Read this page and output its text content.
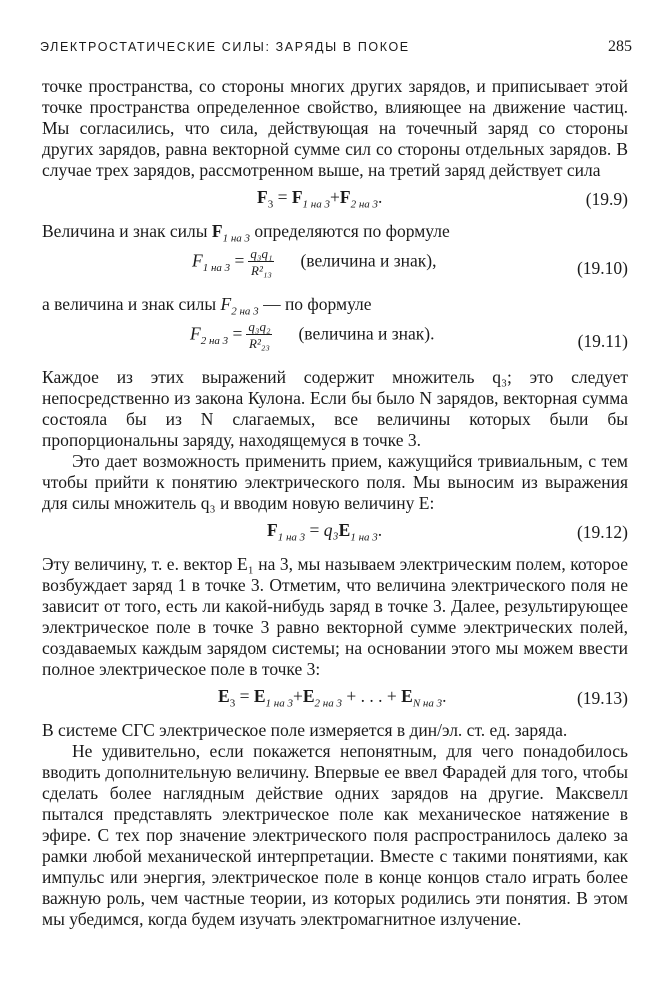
ЭЛЕКТРОСТАТИЧЕСКИЕ СИЛЫ: ЗАРЯДЫ В ПОКОЕ	285

точке пространства, со стороны многих других зарядов, и приписывает этой точке пространства определенное свойство, влияющее на движение частиц. Мы согласились, что сила, действующая на точечный заряд со стороны других зарядов, равна векторной сумме сил со стороны отдельных зарядов. В случае трех зарядов, рассмотренном выше, на третий заряд действует сила

$F_3 = F_{1 на 3}+F_{2 на 3}$.	(19.9)

Величина и знак силы $F_{1 на 3}$ определяются по формуле

$F_{1 на 3} = \frac{\text{q₃q₁}}{\text{R²₁₃}}$ (величина и знак),	(19.10)

а величина и знак силы $F_{2 на 3}$ — по формуле

$F_{2 на 3} = \frac{\text{q₃q₂}}{\text{R²₂₃}}$ (величина и знак).	(19.11)

Каждое из этих выражений содержит множитель q₃; это следует непосредственно из закона Кулона. Если бы было N зарядов, векторная сумма состояла бы из N слагаемых, все величины которых были бы пропорциональны заряду, находящемуся в точке 3.

Это дает возможность применить прием, кажущийся тривиальным, с тем чтобы прийти к понятию электрического поля. Мы выносим из выражения для силы множитель q₃ и вводим новую величину E:

$F_{1 на 3} = q_3E_{1 на 3}$.	(19.12)

Эту величину, т. е. вектор E₁ на 3, мы называем электрическим полем, которое возбуждает заряд 1 в точке 3. Отметим, что величина электрического поля не зависит от того, есть ли какой-нибудь заряд в точке 3. Далее, результирующее электрическое поле в точке 3 равно векторной сумме электрических полей, создаваемых каждым зарядом системы; на основании этого мы можем ввести полное электрическое поле в точке 3:

$E_3 = E_{1 на 3}+E_{2 на 3}$ + . . . + $E_{N на 3}$.	(19.13)

В системе СГС электрическое поле измеряется в дин/эл. ст. ед. заряда.

Не удивительно, если покажется непонятным, для чего понадобилось вводить дополнительную величину. Впервые ее ввел Фарадей для того, чтобы сделать более наглядным действие одних зарядов на другие. Максвелл пытался представлять электрическое поле как механическое натяжение в эфире. С тех пор значение электрического поля распространилось далеко за рамки любой механической интерпретации. Вместе с такими понятиями, как импульс или энергия, электрическое поле в конце концов стало играть более важную роль, чем частные теории, из которых родились эти понятия. В этом мы убедимся, когда будем изучать электромагнитное излучение.
